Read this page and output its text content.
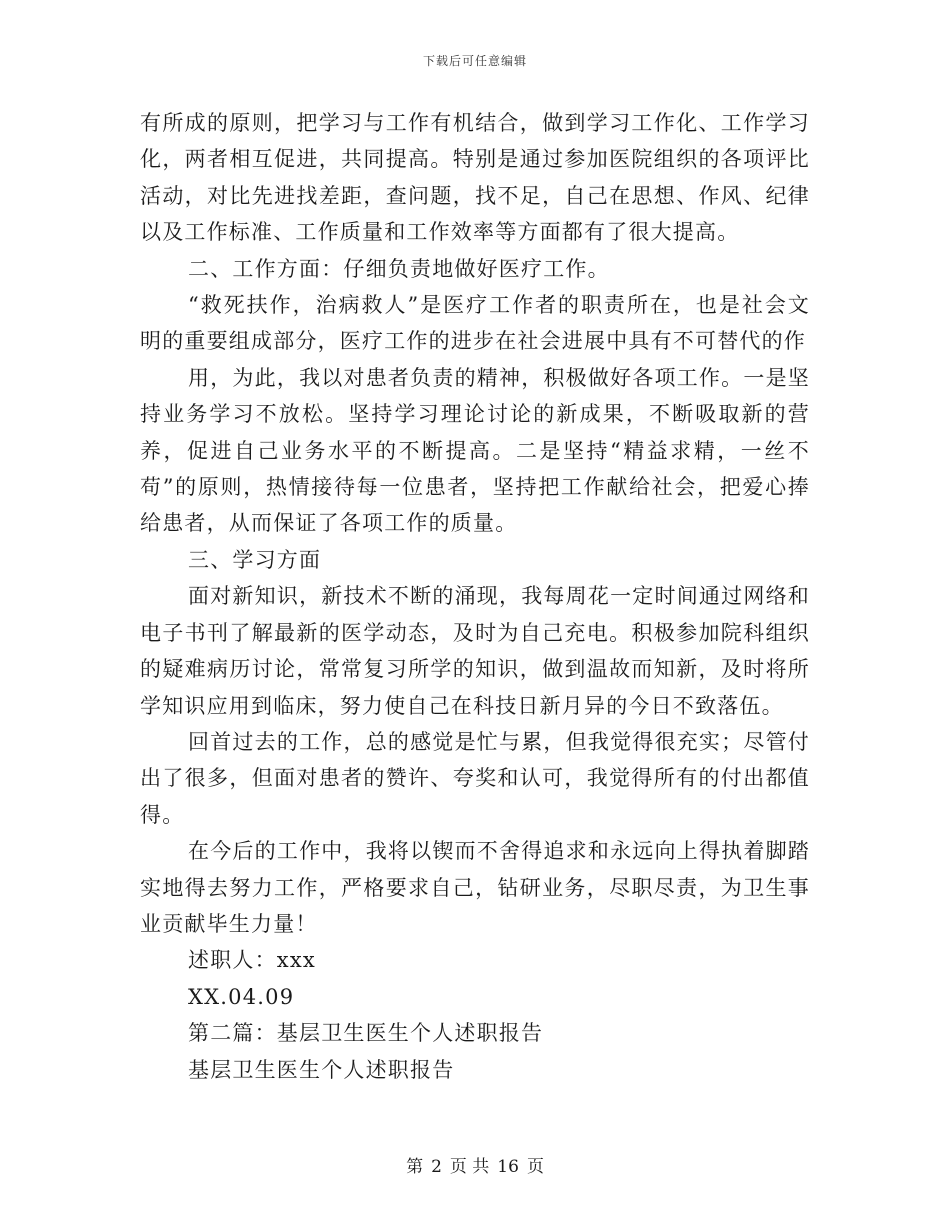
下载后可任意编辑

有所成的原则，把学习与工作有机结合，做到学习工作化、工作学习化，两者相互促进，共同提高。特别是通过参加医院组织的各项评比活动，对比先进找差距，查问题，找不足，自己在思想、作风、纪律以及工作标准、工作质量和工作效率等方面都有了很大提高。

二、工作方面：仔细负责地做好医疗工作。

“救死扶作，治病救人”是医疗工作者的职责所在，也是社会文明的重要组成部分，医疗工作的进步在社会进展中具有不可替代的作

用，为此，我以对患者负责的精神，积极做好各项工作。一是坚持业务学习不放松。坚持学习理论讨论的新成果，不断吸取新的营养，促进自己业务水平的不断提高。二是坚持“精益求精，一丝不苟”的原则，热情接待每一位患者，坚持把工作献给社会，把爱心捧给患者，从而保证了各项工作的质量。

三、学习方面

面对新知识，新技术不断的涌现，我每周花一定时间通过网络和电子书刊了解最新的医学动态，及时为自己充电。积极参加院科组织的疑难病历讨论，常常复习所学的知识，做到温故而知新，及时将所学知识应用到临床，努力使自己在科技日新月异的今日不致落伍。

回首过去的工作，总的感觉是忙与累，但我觉得很充实；尽管付出了很多，但面对患者的赞许、夸奖和认可，我觉得所有的付出都值得。

在今后的工作中，我将以锲而不舍得追求和永远向上得执着脚踏实地得去努力工作，严格要求自己，钻研业务，尽职尽责，为卫生事业贡献毕生力量！

述职人：xxx

XX.04.09

第二篇：基层卫生医生个人述职报告

基层卫生医生个人述职报告

第 2 页 共 16 页
